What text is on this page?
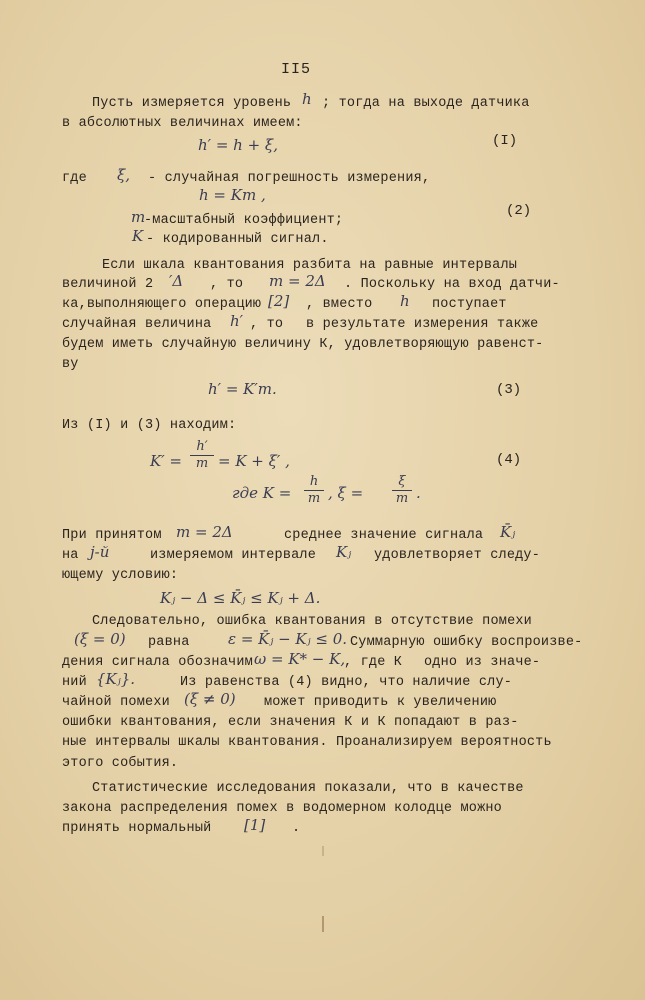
II5
Пусть измеряется уровень h ; тогда на выходе датчика
в абсолютных величинах имеем:
h′ = h + ξ,	(I)
где ξ, - случайная погрешность измерения,
h = Km ,
(2)
m
-масштабный коэффициент;
K - кодированный сигнал.
Если шкала квантования разбита на равные интервалы
величиной 2 ′Δ , то m = 2Δ . Поскольку на вход датчи-
ка,выполняющего операцию [2] , вместо h поступает
случайная величина h′ , то в результате измерения также
будем иметь случайную величину К, удовлетворяющую равенст-
ву
h′ = K′m.	(3)
Из (I) и (3) находим:
K′ =
h′
m = K + ξ′ ,	(4)
где K =
h
m , ξ =
ξ
m .
При принятом m = 2Δ	среднее значение сигнала K̄ⱼ
на j-й	измеряемом интервале Kⱼ удовлетворяет следу-
ющему условию:
Kⱼ − Δ ≤ K̄ⱼ ≤ Kⱼ + Δ.
Следовательно, ошибка квантования в отсутствие помехи
(ξ = 0) равна	ε = K̄ⱼ − Kⱼ ≤ 0. Суммарную ошибку воспроизве-
дения сигнала обозначим ω = K* − K,
, где К одно из значе-
ний {Kⱼ}.	Из равенства (4) видно, что наличие слу-
чайной помехи (ξ ≠ 0) может приводить к увеличению
ошибки квантования, если значения К и К попадают в раз-
ные интервалы шкалы квантования. Проанализируем вероятность
этого события.
Статистические исследования показали, что в качестве
закона распределения помех в водомерном колодце можно
принять нормальный [1] .
